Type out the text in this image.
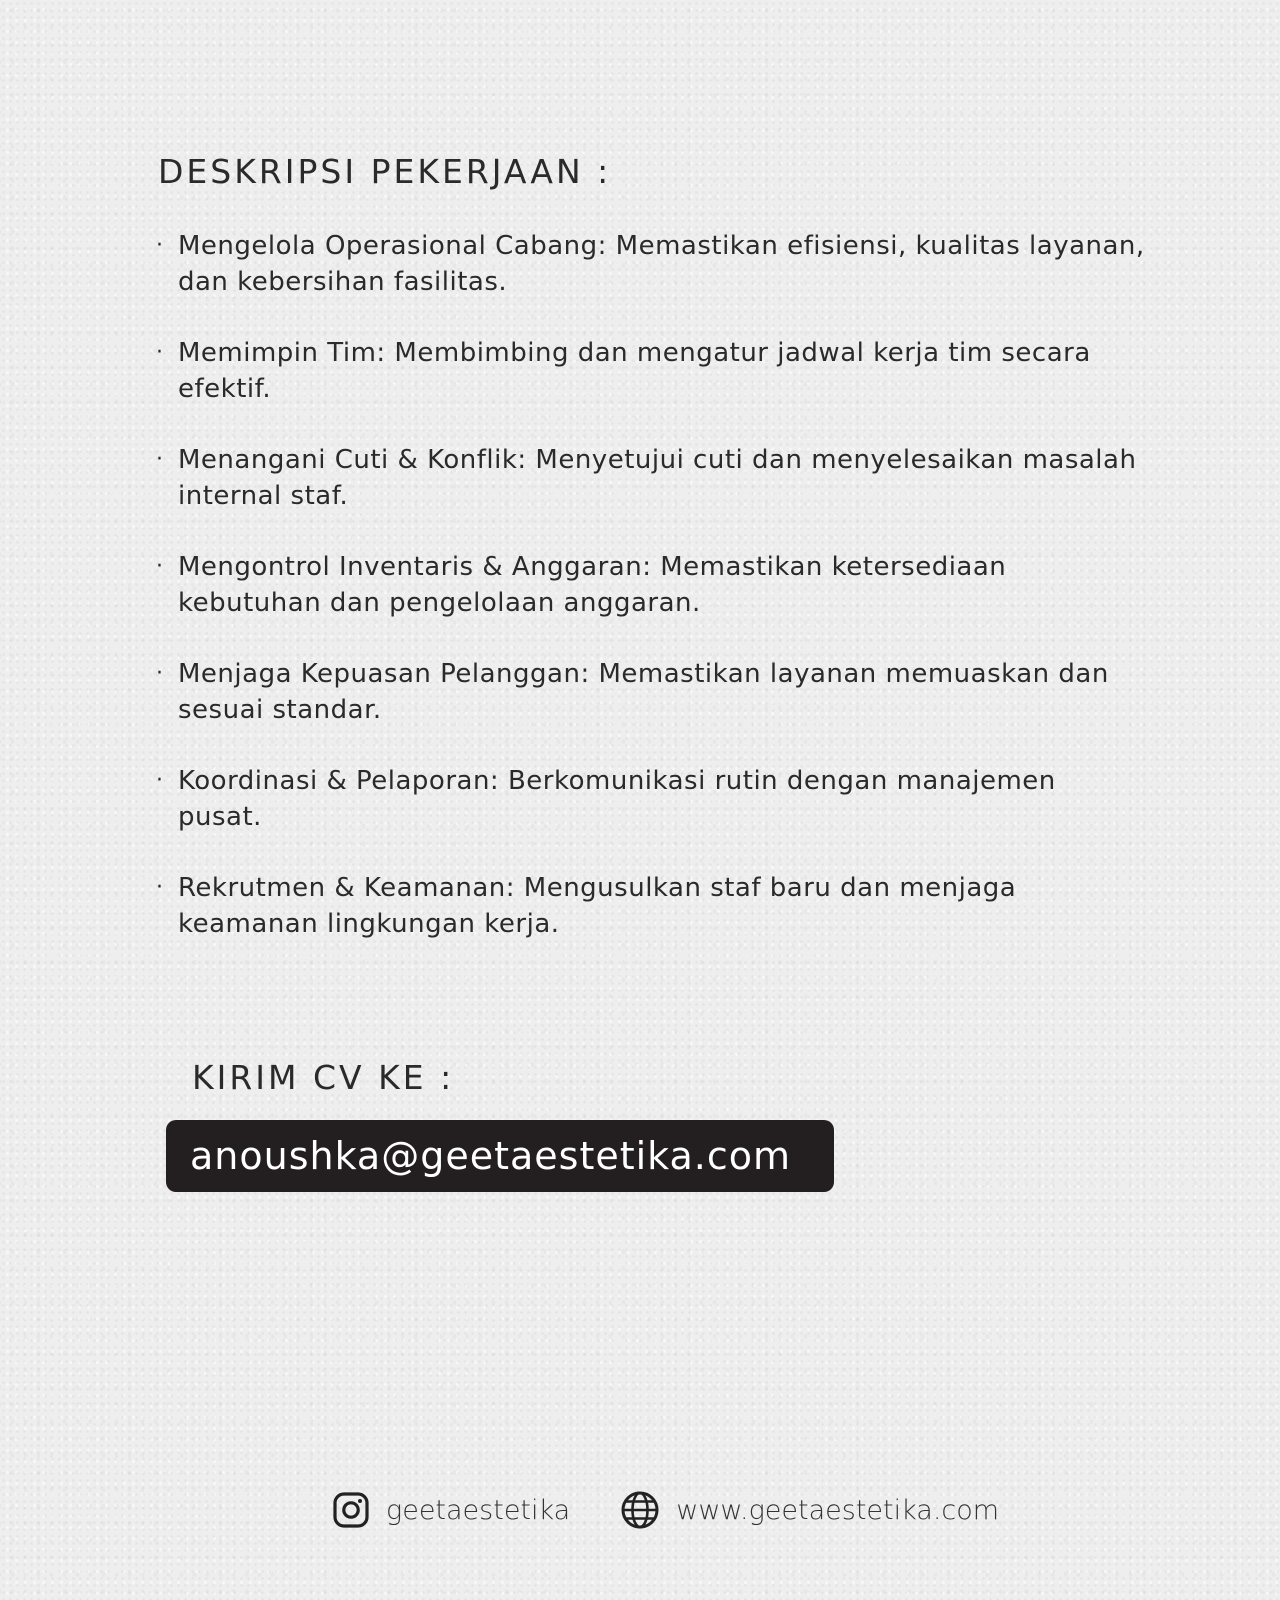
DESKRIPSI PEKERJAAN :
· Mengelola Operasional Cabang: Memastikan efisiensi, kualitas layanan, dan kebersihan fasilitas.
· Memimpin Tim: Membimbing dan mengatur jadwal kerja tim secara efektif.
· Menangani Cuti & Konflik: Menyetujui cuti dan menyelesaikan masalah internal staf.
· Mengontrol Inventaris & Anggaran: Memastikan ketersediaan kebutuhan dan pengelolaan anggaran.
· Menjaga Kepuasan Pelanggan: Memastikan layanan memuaskan dan sesuai standar.
· Koordinasi & Pelaporan: Berkomunikasi rutin dengan manajemen pusat.
· Rekrutmen & Keamanan: Mengusulkan staf baru dan menjaga keamanan lingkungan kerja.
KIRIM CV KE :
anoushka@geetaestetika.com
geetaestetika	www.geetaestetika.com
